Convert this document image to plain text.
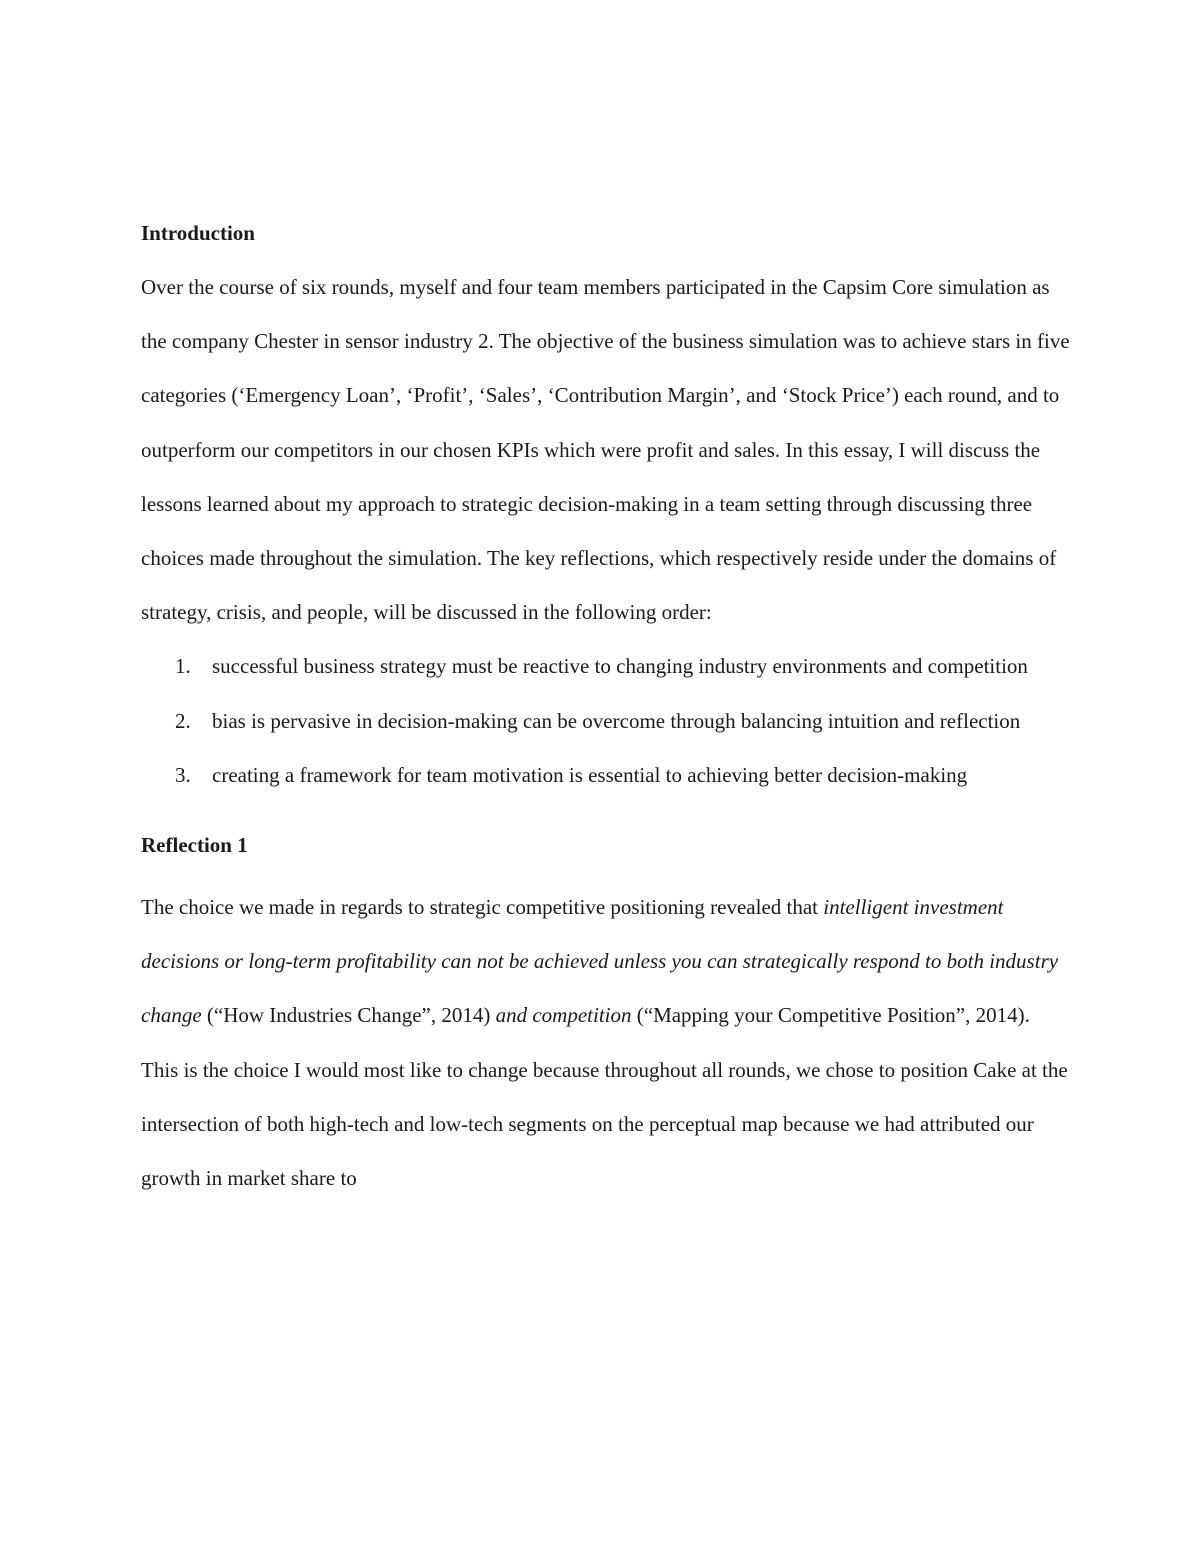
Introduction

Over the course of six rounds, myself and four team members participated in the Capsim Core simulation as the company Chester in sensor industry 2. The objective of the business simulation was to achieve stars in five categories (‘Emergency Loan’, ‘Profit’, ‘Sales’, ‘Contribution Margin’, and ‘Stock Price’) each round, and to outperform our competitors in our chosen KPIs which were profit and sales. In this essay, I will discuss the lessons learned about my approach to strategic decision-making in a team setting through discussing three choices made throughout the simulation. The key reflections, which respectively reside under the domains of strategy, crisis, and people, will be discussed in the following order:

1. successful business strategy must be reactive to changing industry environments and competition
2. bias is pervasive in decision-making can be overcome through balancing intuition and reflection
3. creating a framework for team motivation is essential to achieving better decision-making
Reflection 1

The choice we made in regards to strategic competitive positioning revealed that intelligent investment decisions or long-term profitability can not be achieved unless you can strategically respond to both industry change (“How Industries Change”, 2014) and competition (“Mapping your Competitive Position”, 2014). This is the choice I would most like to change because throughout all rounds, we chose to position Cake at the intersection of both high-tech and low-tech segments on the perceptual map because we had attributed our growth in market share to
